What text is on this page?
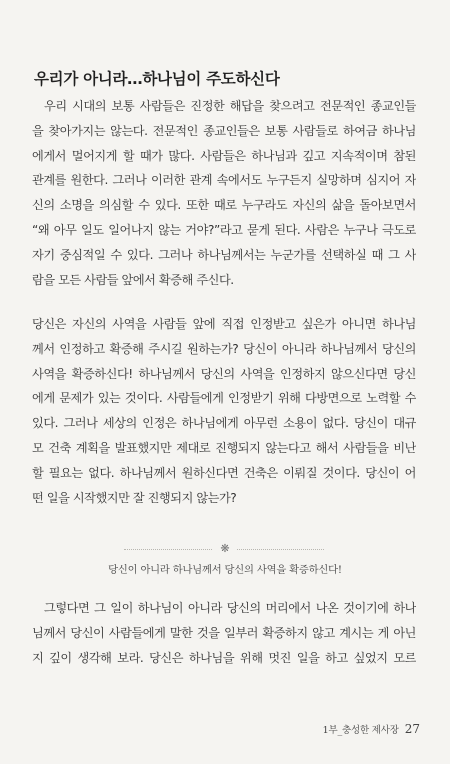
우리가 아니라…하나님이 주도하신다
우리 시대의 보통 사람들은 진정한 해답을 찾으려고 전문적인 종교인들
을 찾아가지는 않는다. 전문적인 종교인들은 보통 사람들로 하여금 하나님
에게서 멀어지게 할 때가 많다. 사람들은 하나님과 깊고 지속적이며 참된
관계를 원한다. 그러나 이러한 관계 속에서도 누구든지 실망하며 심지어 자
신의 소명을 의심할 수 있다. 또한 때로 누구라도 자신의 삶을 돌아보면서
“왜 아무 일도 일어나지 않는 거야?”라고 묻게 된다. 사람은 누구나 극도로
자기 중심적일 수 있다. 그러나 하나님께서는 누군가를 선택하실 때 그 사
람을 모든 사람들 앞에서 확증해 주신다.
당신은 자신의 사역을 사람들 앞에 직접 인정받고 싶은가 아니면 하나님
께서 인정하고 확증해 주시길 원하는가? 당신이 아니라 하나님께서 당신의
사역을 확증하신다! 하나님께서 당신의 사역을 인정하지 않으신다면 당신
에게 문제가 있는 것이다. 사람들에게 인정받기 위해 다방면으로 노력할 수
있다. 그러나 세상의 인정은 하나님에게 아무런 소용이 없다. 당신이 대규
모 건축 계획을 발표했지만 제대로 진행되지 않는다고 해서 사람들을 비난
할 필요는 없다. 하나님께서 원하신다면 건축은 이뤄질 것이다. 당신이 어
떤 일을 시작했지만 잘 진행되지 않는가?
❋
당신이 아니라 하나님께서 당신의 사역을 확증하신다!
그렇다면 그 일이 하나님이 아니라 당신의 머리에서 나온 것이기에 하나
님께서 당신이 사람들에게 말한 것을 일부러 확증하지 않고 계시는 게 아닌
지 깊이 생각해 보라. 당신은 하나님을 위해 멋진 일을 하고 싶었지 모르
1부_충성한 제사장 27
